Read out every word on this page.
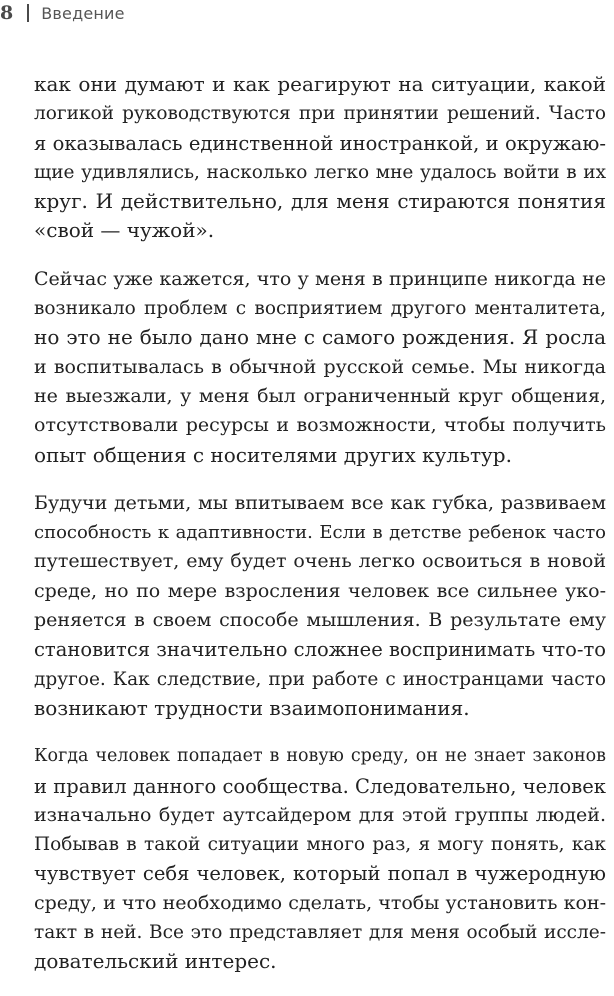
8 Введение

как они думают и как реагируют на ситуации, какой
логикой руководствуются при принятии решений. Часто
я оказывалась единственной иностранкой, и окружаю-
щие удивлялись, насколько легко мне удалось войти в их
круг. И действительно, для меня стираются понятия
«свой — чужой».

Сейчас уже кажется, что у меня в принципе никогда не
возникало проблем с восприятием другого менталитета,
но это не было дано мне с самого рождения. Я росла
и воспитывалась в обычной русской семье. Мы никогда
не выезжали, у меня был ограниченный круг общения,
отсутствовали ресурсы и возможности, чтобы получить
опыт общения с носителями других культур.

Будучи детьми, мы впитываем все как губка, развиваем
способность к адаптивности. Если в детстве ребенок часто
путешествует, ему будет очень легко освоиться в новой
среде, но по мере взросления человек все сильнее уко-
реняется в своем способе мышления. В результате ему
становится значительно сложнее воспринимать что-то
другое. Как следствие, при работе с иностранцами часто
возникают трудности взаимопонимания.

Когда человек попадает в новую среду, он не знает законов
и правил данного сообщества. Следовательно, человек
изначально будет аутсайдером для этой группы людей.
Побывав в такой ситуации много раз, я могу понять, как
чувствует себя человек, который попал в чужеродную
среду, и что необходимо сделать, чтобы установить кон-
такт в ней. Все это представляет для меня особый иссле-
довательский интерес.
